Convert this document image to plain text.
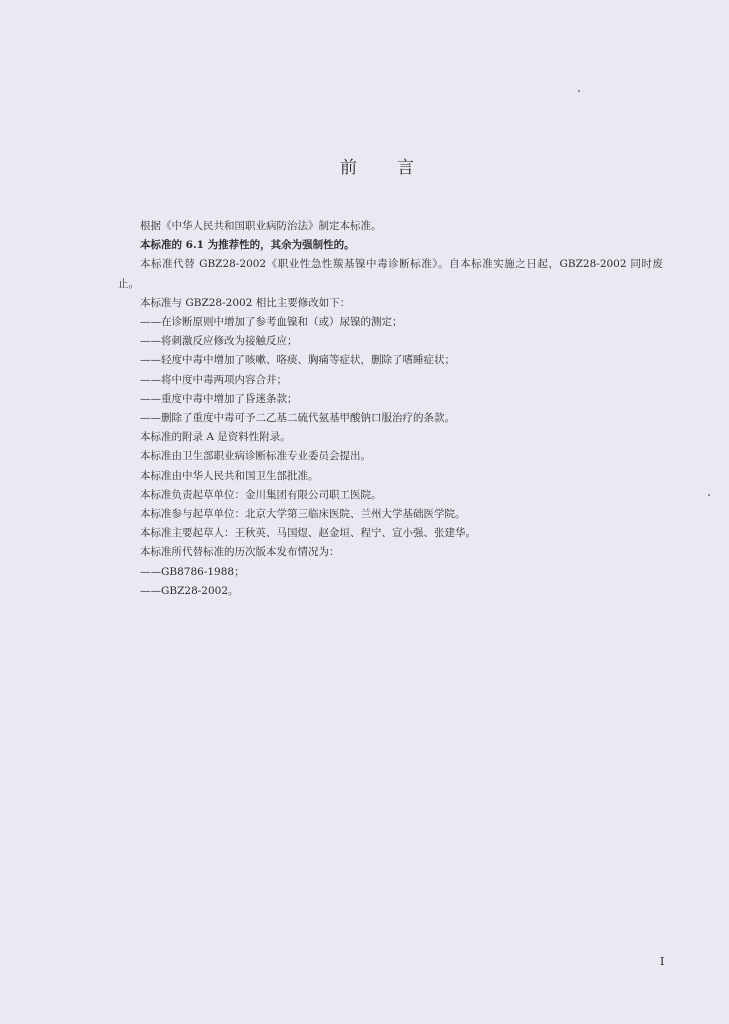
前 言

根据《中华人民共和国职业病防治法》制定本标准。

本标准的 6.1 为推荐性的，其余为强制性的。

本标准代替 GBZ28-2002《职业性急性羰基镍中毒诊断标准》。自本标准实施之日起，GBZ28-2002 同时废止。

本标准与 GBZ28-2002 相比主要修改如下：

——在诊断原则中增加了参考血镍和（或）尿镍的测定；

——将刺激反应修改为接触反应；

——轻度中毒中增加了咳嗽、咯痰、胸痛等症状，删除了嗜睡症状；

——将中度中毒两项内容合并；

——重度中毒中增加了昏迷条款；

——删除了重度中毒可予二乙基二硫代氨基甲酸钠口服治疗的条款。

本标准的附录 A 是资料性附录。

本标准由卫生部职业病诊断标准专业委员会提出。

本标准由中华人民共和国卫生部批准。

本标准负责起草单位：金川集团有限公司职工医院。

本标准参与起草单位：北京大学第三临床医院、兰州大学基础医学院。

本标准主要起草人：王秋英、马国煜、赵金垣、程宁、宣小强、张建华。

本标准所代替标准的历次版本发布情况为：

——GB8786-1988；

——GBZ28-2002。

I
